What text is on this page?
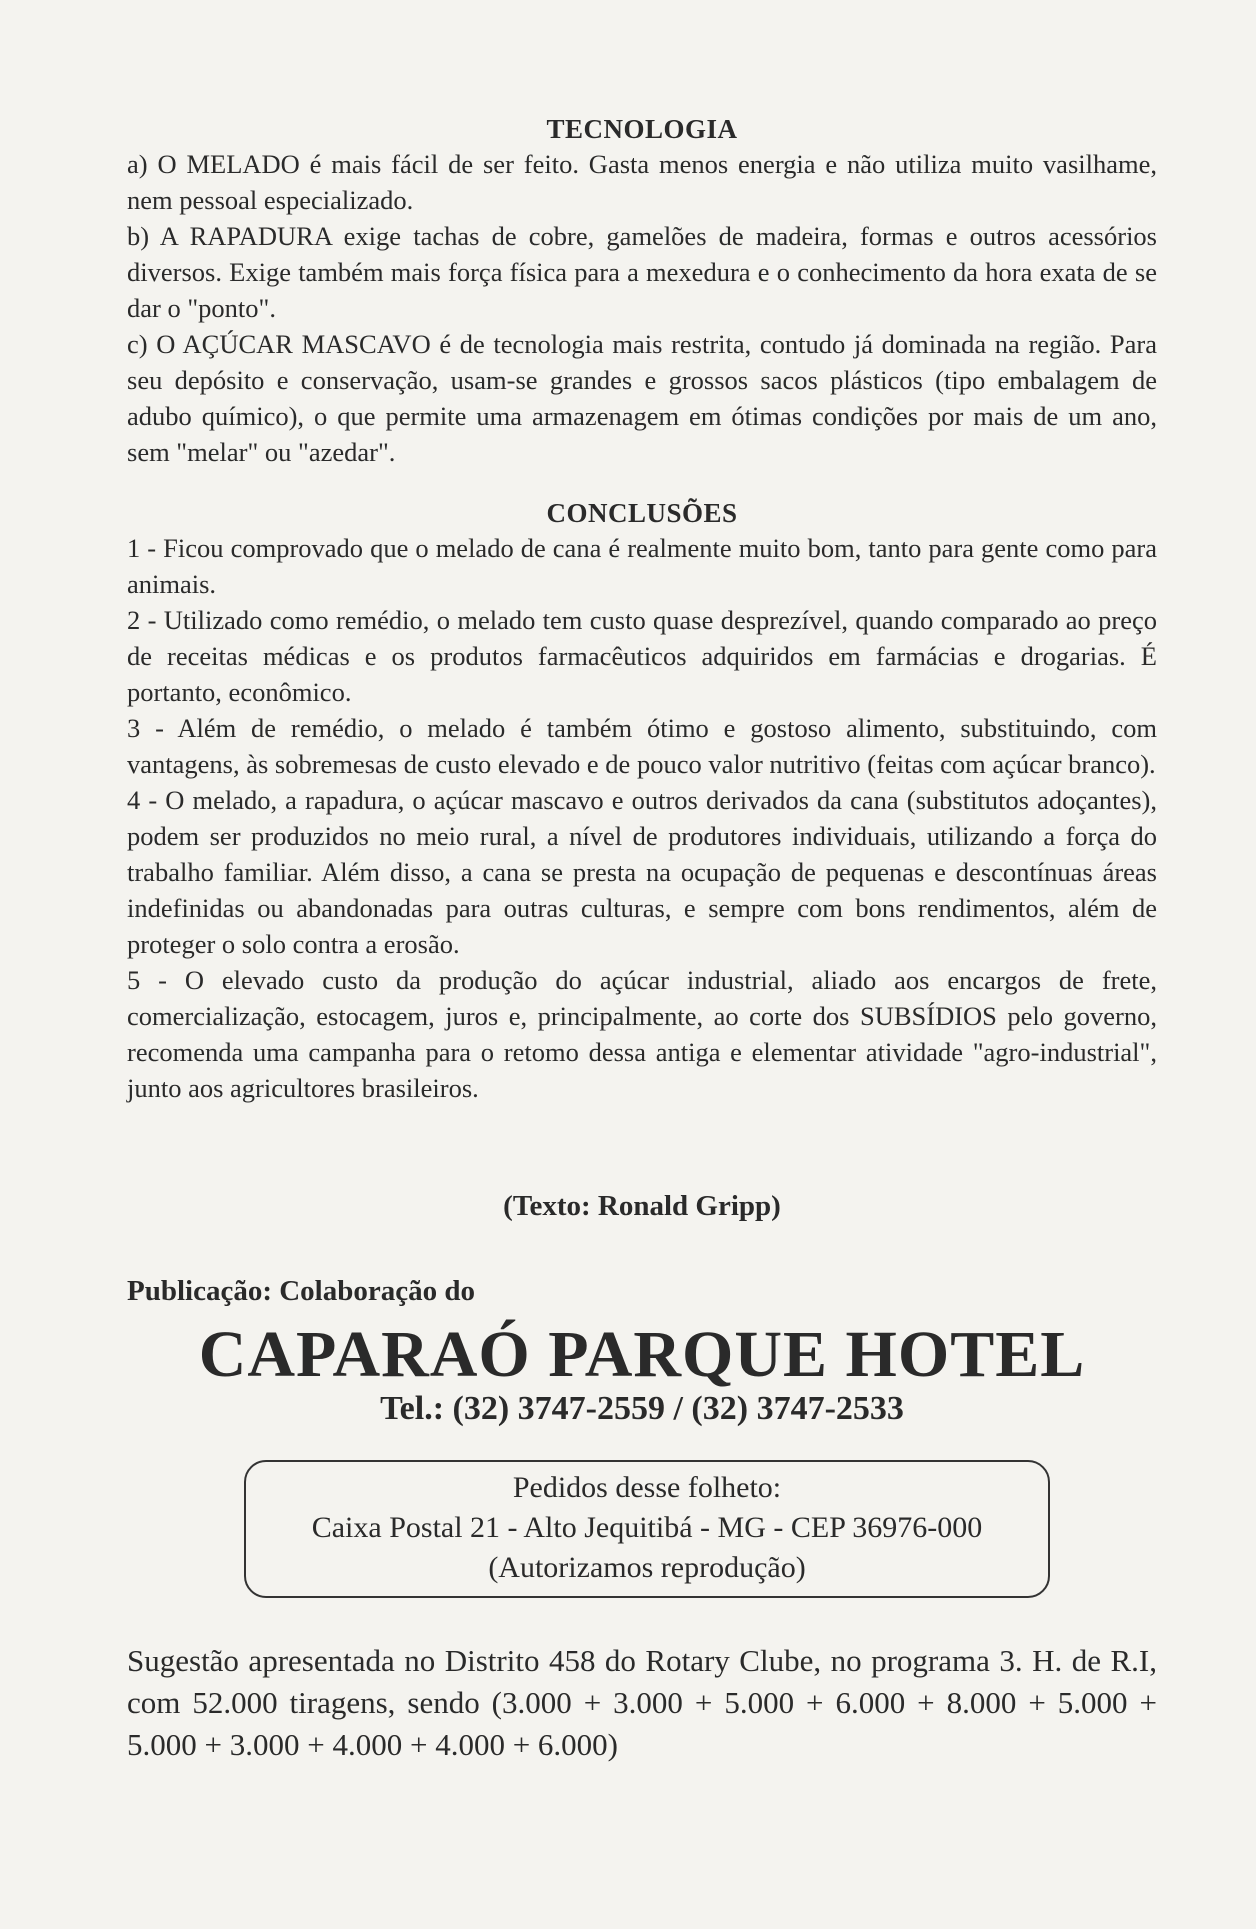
TECNOLOGIA

a) O MELADO é mais fácil de ser feito. Gasta menos energia e não utiliza muito vasilhame, nem pessoal especializado.

b) A RAPADURA exige tachas de cobre, gamelões de madeira, formas e outros acessórios diversos. Exige também mais força física para a mexedura e o conhecimento da hora exata de se dar o "ponto".

c) O AÇÚCAR MASCAVO é de tecnologia mais restrita, contudo já dominada na região. Para seu depósito e conservação, usam-se grandes e grossos sacos plásticos (tipo embalagem de adubo químico), o que permite uma armazenagem em ótimas condições por mais de um ano, sem "melar" ou "azedar".

CONCLUSÕES

1 - Ficou comprovado que o melado de cana é realmente muito bom, tanto para gente como para animais.

2 - Utilizado como remédio, o melado tem custo quase desprezível, quando comparado ao preço de receitas médicas e os produtos farmacêuticos adquiridos em farmácias e drogarias. É portanto, econômico.

3 - Além de remédio, o melado é também ótimo e gostoso alimento, substituindo, com vantagens, às sobremesas de custo elevado e de pouco valor nutritivo (feitas com açúcar branco).

4 - O melado, a rapadura, o açúcar mascavo e outros derivados da cana (substitutos adoçantes), podem ser produzidos no meio rural, a nível de produtores individuais, utilizando a força do trabalho familiar. Além disso, a cana se presta na ocupação de pequenas e descontínuas áreas indefinidas ou abandonadas para outras culturas, e sempre com bons rendimentos, além de proteger o solo contra a erosão.

5 - O elevado custo da produção do açúcar industrial, aliado aos encargos de frete, comercialização, estocagem, juros e, principalmente, ao corte dos SUBSÍDIOS pelo governo, recomenda uma campanha para o retomo dessa antiga e elementar atividade "agro-industrial", junto aos agricultores brasileiros.

(Texto: Ronald Gripp)
Publicação: Colaboração do
CAPARAÓ PARQUE HOTEL
Tel.: (32) 3747-2559 / (32) 3747-2533
Pedidos desse folheto:
Caixa Postal 21 - Alto Jequitibá - MG - CEP 36976-000
(Autorizamos reprodução)
Sugestão apresentada no Distrito 458 do Rotary Clube, no programa 3. H. de R.I, com 52.000 tiragens, sendo (3.000 + 3.000 + 5.000 + 6.000 + 8.000 + 5.000 + 5.000 + 3.000 + 4.000 + 4.000 + 6.000)
